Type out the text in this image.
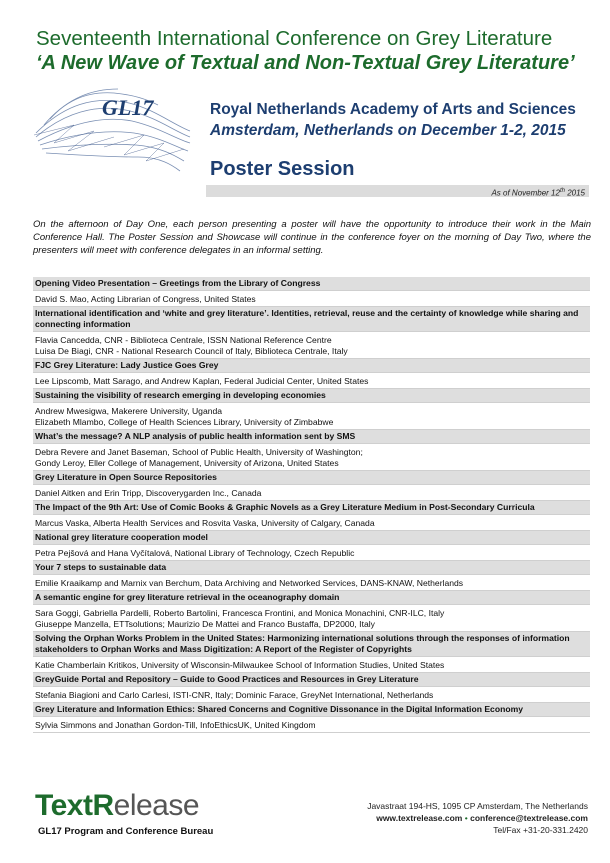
Seventeenth International Conference on Grey Literature
‘A New Wave of Textual and Non-Textual Grey Literature’
GL17	Royal Netherlands Academy of Arts and Sciences
Amsterdam, Netherlands on December 1-2, 2015
Poster Session
As of November 12th 2015
On the afternoon of Day One, each person presenting a poster will have the opportunity to introduce their work in the Main Conference Hall. The Poster Session and Showcase will continue in the conference foyer on the morning of Day Two, where the presenters will meet with conference delegates in an informal setting.
Opening Video Presentation – Greetings from the Library of Congress
David S. Mao, Acting Librarian of Congress, United States
International identification and ‘white and grey literature’. Identities, retrieval, reuse and the certainty of knowledge while sharing and connecting information
Flavia Cancedda, CNR - Biblioteca Centrale, ISSN National Reference Centre
Luisa De Biagi, CNR - National Research Council of Italy, Biblioteca Centrale, Italy
FJC Grey Literature: Lady Justice Goes Grey
Lee Lipscomb, Matt Sarago, and Andrew Kaplan, Federal Judicial Center, United States
Sustaining the visibility of research emerging in developing economies
Andrew Mwesigwa, Makerere University, Uganda
Elizabeth Mlambo, College of Health Sciences Library, University of Zimbabwe
What’s the message? A NLP analysis of public health information sent by SMS
Debra Revere and Janet Baseman, School of Public Health, University of Washington;
Gondy Leroy, Eller College of Management, University of Arizona, United States
Grey Literature in Open Source Repositories
Daniel Aitken and Erin Tripp, Discoverygarden Inc., Canada
The Impact of the 9th Art: Use of Comic Books & Graphic Novels as a Grey Literature Medium in Post-Secondary Curricula
Marcus Vaska, Alberta Health Services and Rosvita Vaska, University of Calgary, Canada
National grey literature cooperation model
Petra Pejšová and Hana Vyčítalová, National Library of Technology, Czech Republic
Your 7 steps to sustainable data
Emilie Kraaikamp and Marnix van Berchum, Data Archiving and Networked Services, DANS-KNAW, Netherlands
A semantic engine for grey literature retrieval in the oceanography domain
Sara Goggi, Gabriella Pardelli, Roberto Bartolini, Francesca Frontini, and Monica Monachini, CNR-ILC, Italy
Giuseppe Manzella, ETTsolutions; Maurizio De Mattei and Franco Bustaffa, DP2000, Italy
Solving the Orphan Works Problem in the United States: Harmonizing international solutions through the responses of information stakeholders to Orphan Works and Mass Digitization: A Report of the Register of Copyrights
Katie Chamberlain Kritikos, University of Wisconsin-Milwaukee School of Information Studies, United States
GreyGuide Portal and Repository – Guide to Good Practices and Resources in Grey Literature
Stefania Biagioni and Carlo Carlesi, ISTI-CNR, Italy; Dominic Farace, GreyNet International, Netherlands
Grey Literature and Information Ethics: Shared Concerns and Cognitive Dissonance in the Digital Information Economy
Sylvia Simmons and Jonathan Gordon-Till, InfoEthicsUK, United Kingdom
TextRelease
GL17 Program and Conference Bureau
Javastraat 194-HS, 1095 CP Amsterdam, The Netherlands
www.textrelease.com • conference@textrelease.com
Tel/Fax +31-20-331.2420
